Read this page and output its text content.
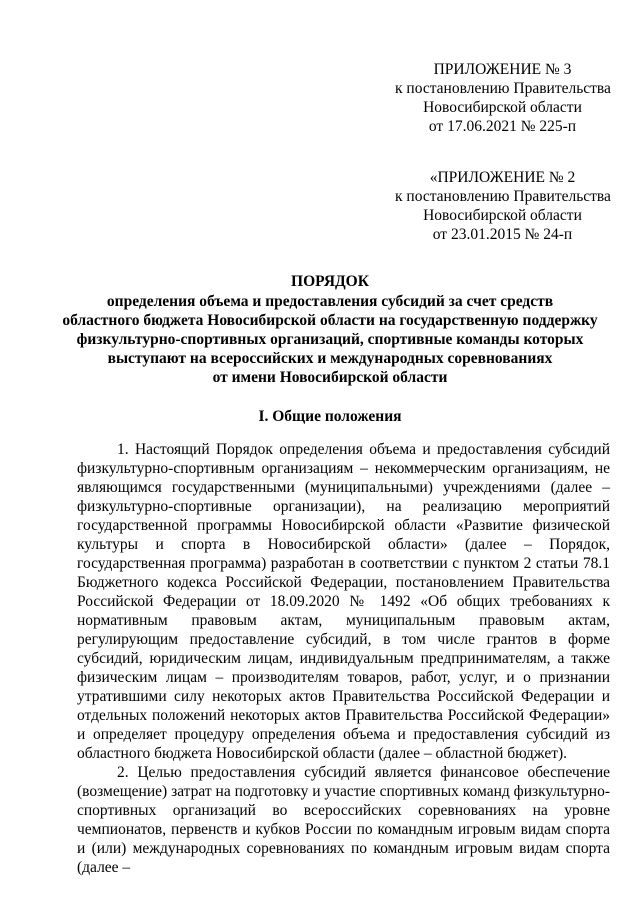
ПРИЛОЖЕНИЕ № 3
к постановлению Правительства
Новосибирской области
от 17.06.2021 № 225-п
«ПРИЛОЖЕНИЕ № 2
к постановлению Правительства
Новосибирской области
от 23.01.2015 № 24-п
ПОРЯДОК
определения объема и предоставления субсидий за счет средств
областного бюджета Новосибирской области на государственную поддержку
физкультурно-спортивных организаций, спортивные команды которых
выступают на всероссийских и международных соревнованиях
от имени Новосибирской области
I. Общие положения

1. Настоящий Порядок определения объема и предоставления субсидий физкультурно-спортивным организациям – некоммерческим организациям, не являющимся государственными (муниципальными) учреждениями (далее – физкультурно-спортивные организации), на реализацию мероприятий государственной программы Новосибирской области «Развитие физической культуры и спорта в Новосибирской области» (далее – Порядок, государственная программа) разработан в соответствии с пунктом 2 статьи 78.1 Бюджетного кодекса Российской Федерации, постановлением Правительства Российской Федерации от 18.09.2020 № 1492 «Об общих требованиях к нормативным правовым актам, муниципальным правовым актам, регулирующим предоставление субсидий, в том числе грантов в форме субсидий, юридическим лицам, индивидуальным предпринимателям, а также физическим лицам – производителям товаров, работ, услуг, и о признании утратившими силу некоторых актов Правительства Российской Федерации и отдельных положений некоторых актов Правительства Российской Федерации» и определяет процедуру определения объема и предоставления субсидий из областного бюджета Новосибирской области (далее – областной бюджет).

2. Целью предоставления субсидий является финансовое обеспечение (возмещение) затрат на подготовку и участие спортивных команд физкультурно-спортивных организаций во всероссийских соревнованиях на уровне чемпионатов, первенств и кубков России по командным игровым видам спорта и (или) международных соревнованиях по командным игровым видам спорта (далее –
